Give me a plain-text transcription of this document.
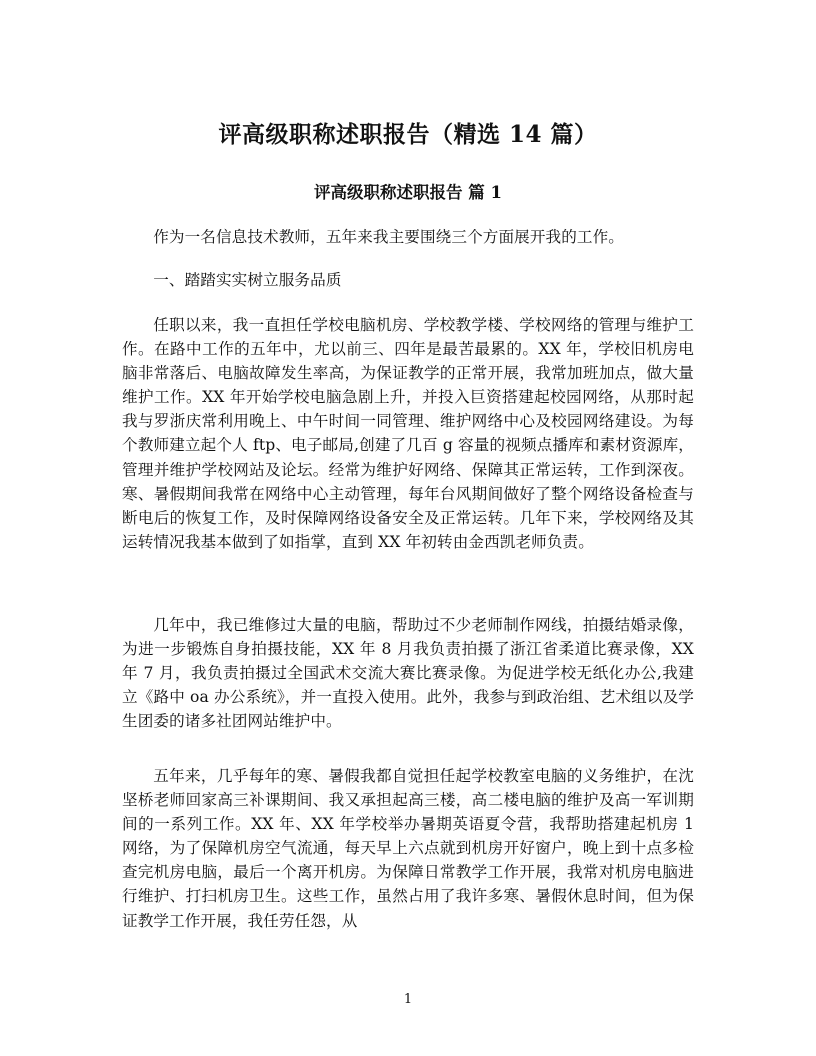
评高级职称述职报告（精选 14 篇）
评高级职称述职报告 篇 1

作为一名信息技术教师，五年来我主要围绕三个方面展开我的工作。

一、踏踏实实树立服务品质

任职以来，我一直担任学校电脑机房、学校教学楼、学校网络的管理与维护工作。在路中工作的五年中，尤以前三、四年是最苦最累的。XX 年，学校旧机房电脑非常落后、电脑故障发生率高，为保证教学的正常开展，我常加班加点，做大量维护工作。XX 年开始学校电脑急剧上升，并投入巨资搭建起校园网络，从那时起我与罗浙庆常利用晚上、中午时间一同管理、维护网络中心及校园网络建设。为每个教师建立起个人 ftp、电子邮局,创建了几百 g 容量的视频点播库和素材资源库，管理并维护学校网站及论坛。经常为维护好网络、保障其正常运转，工作到深夜。寒、暑假期间我常在网络中心主动管理，每年台风期间做好了整个网络设备检查与断电后的恢复工作，及时保障网络设备安全及正常运转。几年下来，学校网络及其运转情况我基本做到了如指掌，直到 XX 年初转由金西凯老师负责。

几年中，我已维修过大量的电脑，帮助过不少老师制作网线，拍摄结婚录像，为进一步锻炼自身拍摄技能，XX 年 8 月我负责拍摄了浙江省柔道比赛录像，XX 年 7 月，我负责拍摄过全国武术交流大赛比赛录像。为促进学校无纸化办公,我建立《路中 oa 办公系统》，并一直投入使用。此外，我参与到政治组、艺术组以及学生团委的诸多社团网站维护中。

五年来，几乎每年的寒、暑假我都自觉担任起学校教室电脑的义务维护，在沈坚桥老师回家高三补课期间、我又承担起高三楼，高二楼电脑的维护及高一军训期间的一系列工作。XX 年、XX 年学校举办暑期英语夏令营，我帮助搭建起机房 1 网络，为了保障机房空气流通，每天早上六点就到机房开好窗户，晚上到十点多检查完机房电脑，最后一个离开机房。为保障日常教学工作开展，我常对机房电脑进行维护、打扫机房卫生。这些工作，虽然占用了我许多寒、暑假休息时间，但为保证教学工作开展，我任劳任怨，从

1
